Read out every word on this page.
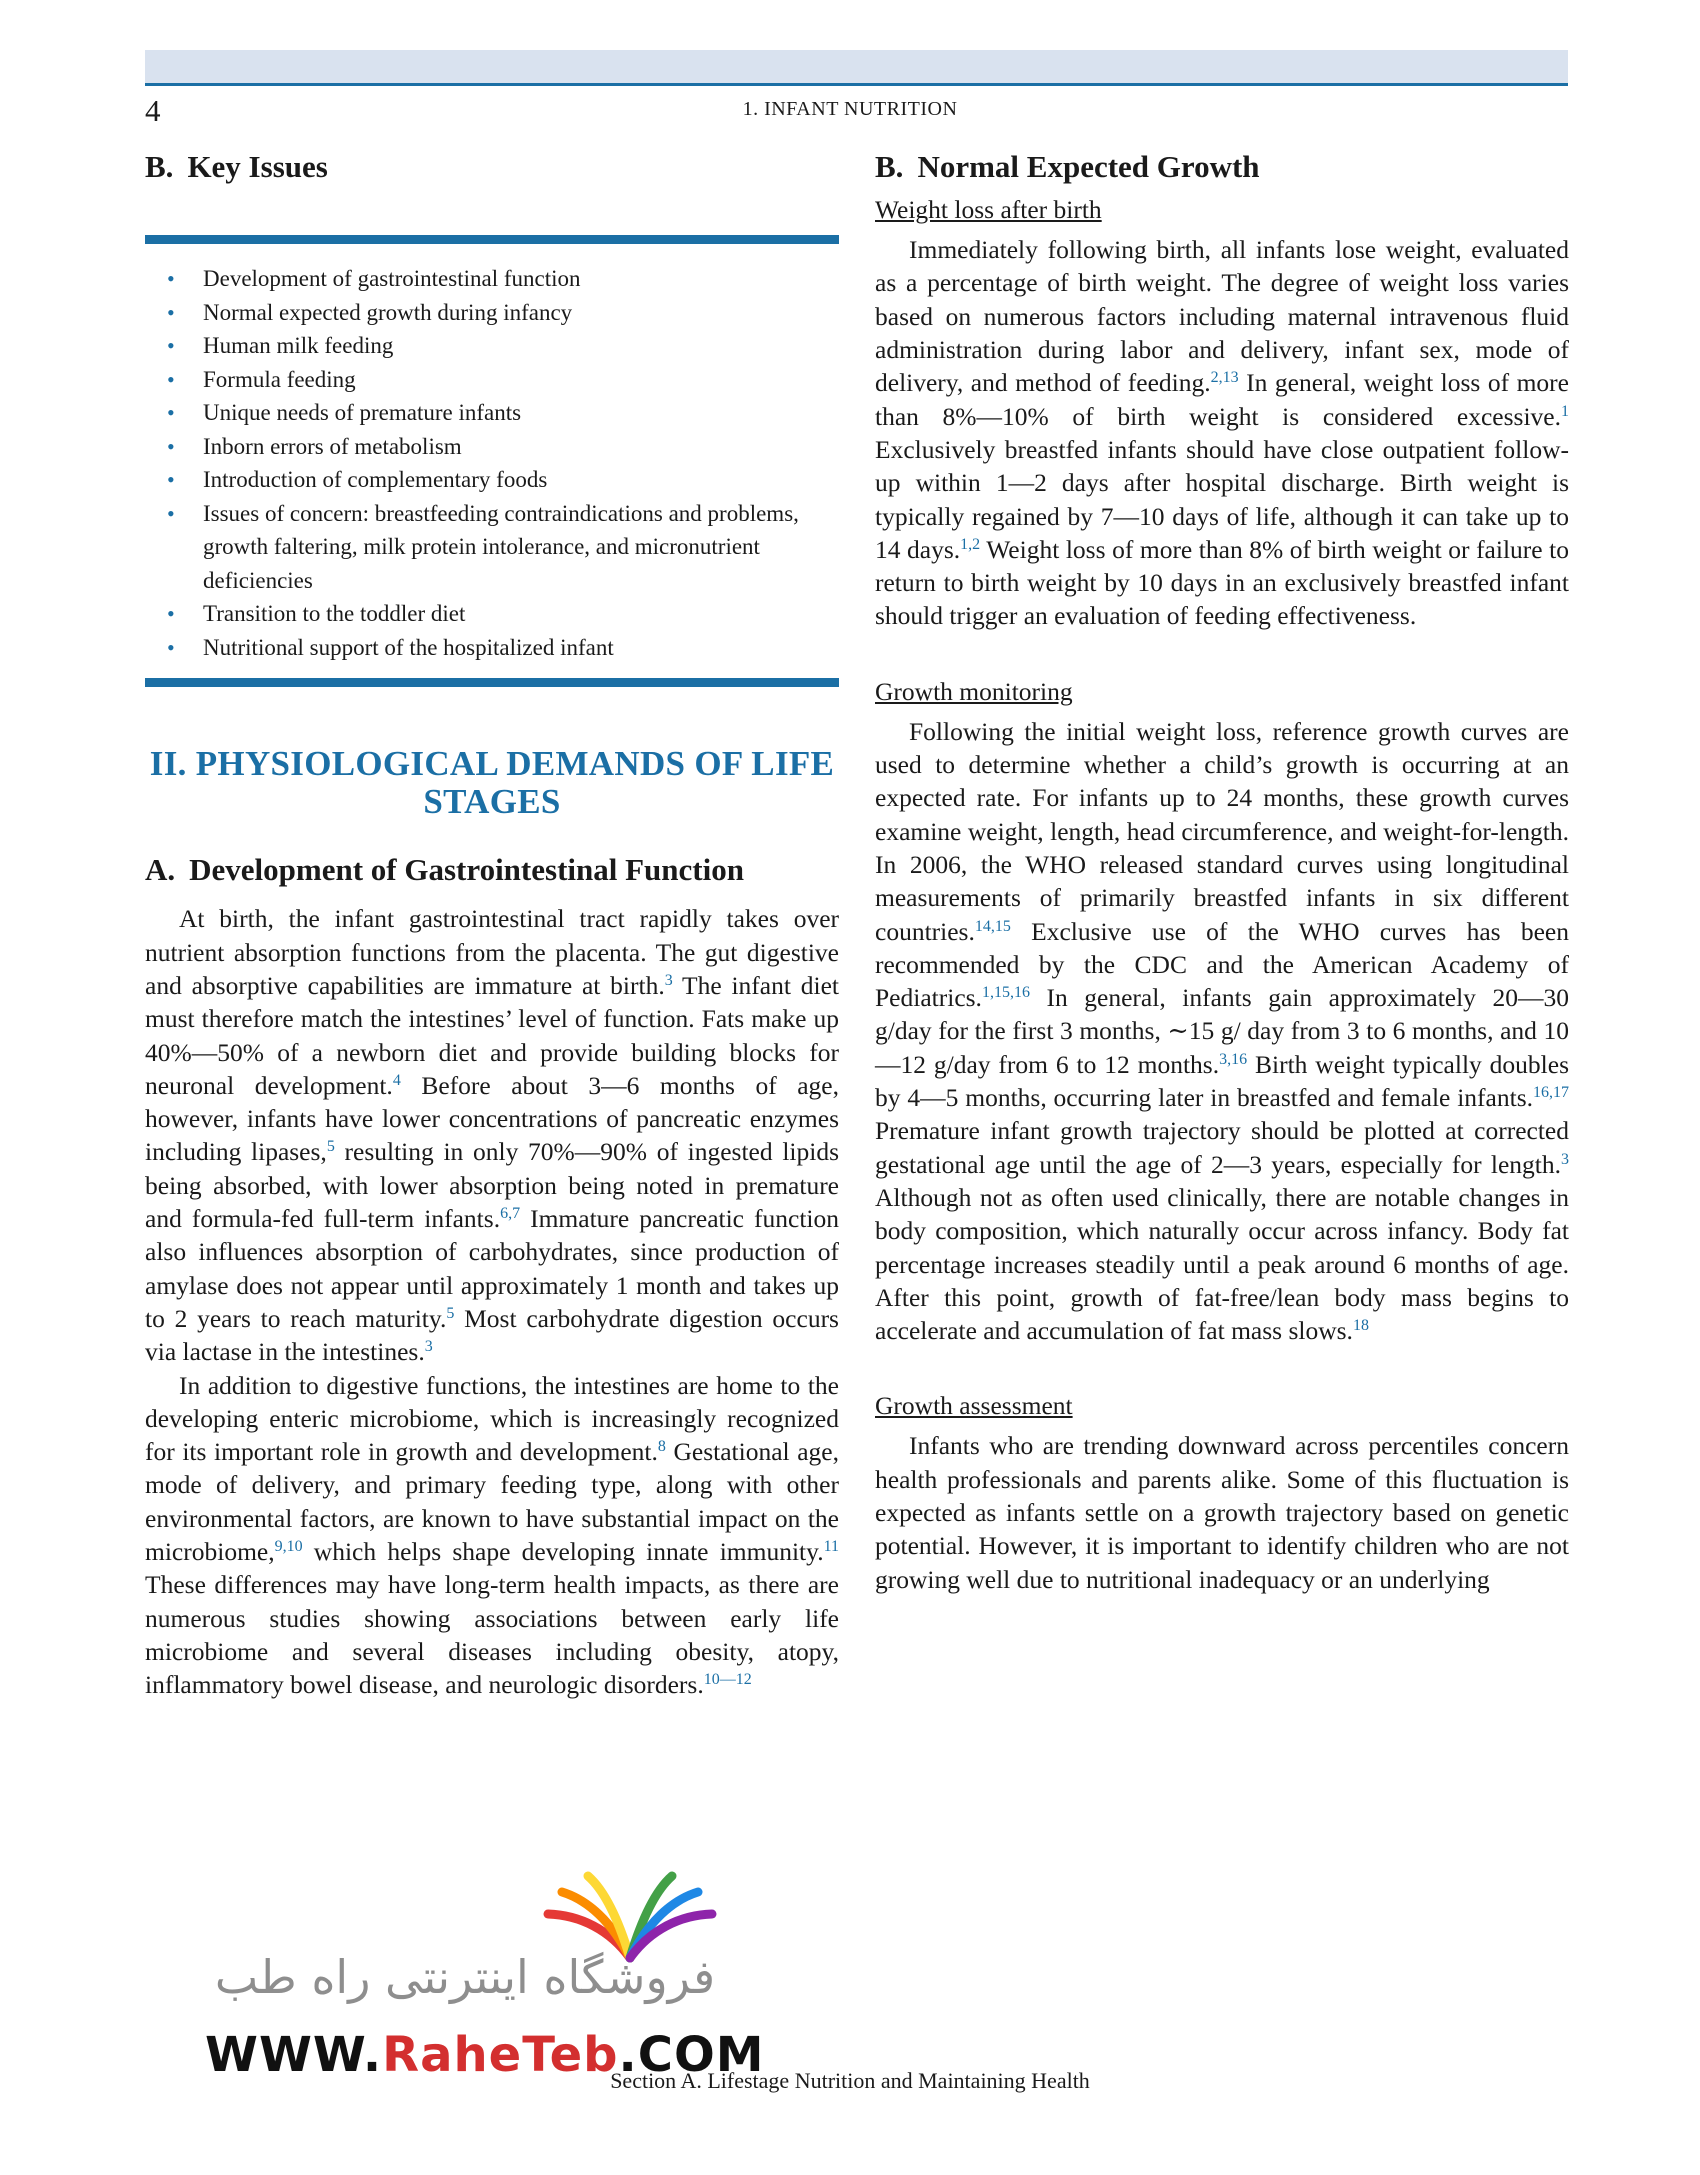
4	1. INFANT NUTRITION
B. Key Issues
• Development of gastrointestinal function
• Normal expected growth during infancy
• Human milk feeding
• Formula feeding
• Unique needs of premature infants
• Inborn errors of metabolism
• Introduction of complementary foods
• Issues of concern: breastfeeding contraindications and problems, growth faltering, milk protein intolerance, and micronutrient deficiencies
• Transition to the toddler diet
• Nutritional support of the hospitalized infant
II. PHYSIOLOGICAL DEMANDS OF LIFE STAGES
A. Development of Gastrointestinal Function

At birth, the infant gastrointestinal tract rapidly takes over nutrient absorption functions from the placenta. The gut digestive and absorptive capabilities are immature at birth.$^3$ The infant diet must therefore match the intestines’ level of function. Fats make up 40%—50% of a newborn diet and provide building blocks for neuronal development.$^4$ Before about 3—6 months of age, however, infants have lower concentrations of pancreatic enzymes including lipases,$^5$ resulting in only 70%—90% of ingested lipids being absorbed, with lower absorption being noted in premature and formula-fed full-term infants.$^{6,7}$ Immature pancreatic function also influences absorption of carbohydrates, since production of amylase does not appear until approximately 1 month and takes up to 2 years to reach maturity.$^5$ Most carbohydrate digestion occurs via lactase in the intestines.$^3$

In addition to digestive functions, the intestines are home to the developing enteric microbiome, which is increasingly recognized for its important role in growth and development.$^8$ Gestational age, mode of delivery, and primary feeding type, along with other environmental factors, are known to have substantial impact on the microbiome,$^{9,10}$ which helps shape developing innate immunity.$^{11}$ These differences may have long-term health impacts, as there are numerous studies showing associations between early life microbiome and several diseases including obesity, atopy, inflammatory bowel disease, and neurologic disorders.$^{10—12}$

B. Normal Expected Growth
Weight loss after birth

Immediately following birth, all infants lose weight, evaluated as a percentage of birth weight. The degree of weight loss varies based on numerous factors including maternal intravenous fluid administration during labor and delivery, infant sex, mode of delivery, and method of feeding.$^{2,13}$ In general, weight loss of more than 8%—10% of birth weight is considered excessive.$^1$ Exclusively breastfed infants should have close outpatient follow-up within 1—2 days after hospital discharge. Birth weight is typically regained by 7—10 days of life, although it can take up to 14 days.$^{1,2}$ Weight loss of more than 8% of birth weight or failure to return to birth weight by 10 days in an exclusively breastfed infant should trigger an evaluation of feeding effectiveness.

Growth monitoring

Following the initial weight loss, reference growth curves are used to determine whether a child’s growth is occurring at an expected rate. For infants up to 24 months, these growth curves examine weight, length, head circumference, and weight-for-length. In 2006, the WHO released standard curves using longitudinal measurements of primarily breastfed infants in six different countries.$^{14,15}$ Exclusive use of the WHO curves has been recommended by the CDC and the American Academy of Pediatrics.$^{1,15,16}$ In general, infants gain approximately 20—30 g/day for the first 3 months, ∼15 g/ day from 3 to 6 months, and 10—12 g/day from 6 to 12 months.$^{3,16}$ Birth weight typically doubles by 4—5 months, occurring later in breastfed and female infants.$^{16,17}$ Premature infant growth trajectory should be plotted at corrected gestational age until the age of 2—3 years, especially for length.$^3$ Although not as often used clinically, there are notable changes in body composition, which naturally occur across infancy. Body fat percentage increases steadily until a peak around 6 months of age. After this point, growth of fat-free/lean body mass begins to accelerate and accumulation of fat mass slows.$^{18}$

Growth assessment

Infants who are trending downward across percentiles concern health professionals and parents alike. Some of this fluctuation is expected as infants settle on a growth trajectory based on genetic potential. However, it is important to identify children who are not growing well due to nutritional inadequacy or an underlying

فروشگاه اینترنتی راه طب
WWW.RaheTeb.COM
Section A. Lifestage Nutrition and Maintaining Health
